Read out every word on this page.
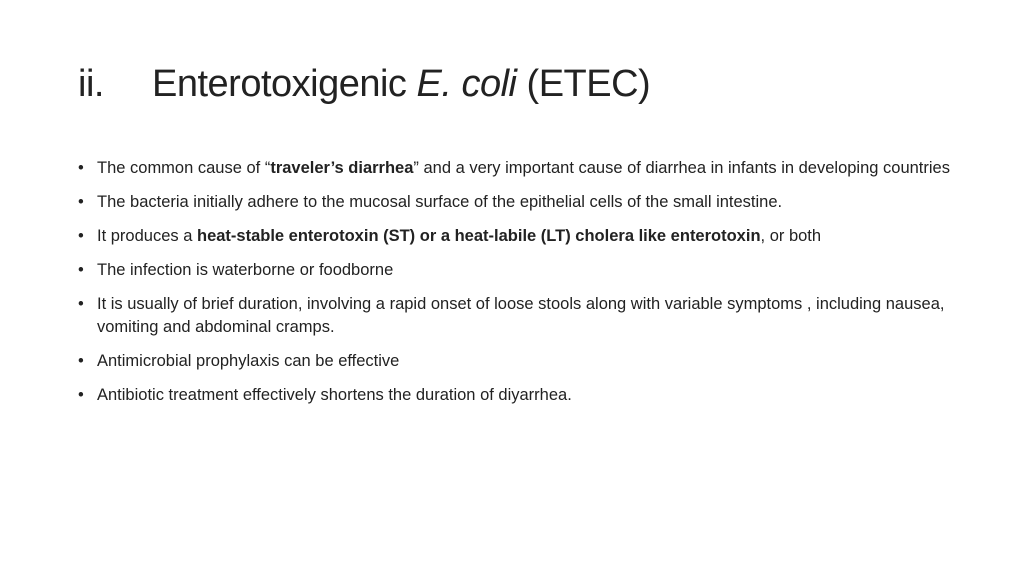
ii. Enterotoxigenic E. coli (ETEC)
• The common cause of “traveler’s diarrhea” and a very important cause of diarrhea in infants in developing countries
• The bacteria initially adhere to the mucosal surface of the epithelial cells of the small intestine.
• It produces a heat-stable enterotoxin (ST) or a heat-labile (LT) cholera like enterotoxin, or both
• The infection is waterborne or foodborne
• It is usually of brief duration, involving a rapid onset of loose stools along with variable symptoms , including nausea, vomiting and abdominal cramps.
• Antimicrobial prophylaxis can be effective
• Antibiotic treatment effectively shortens the duration of diyarrhea.
